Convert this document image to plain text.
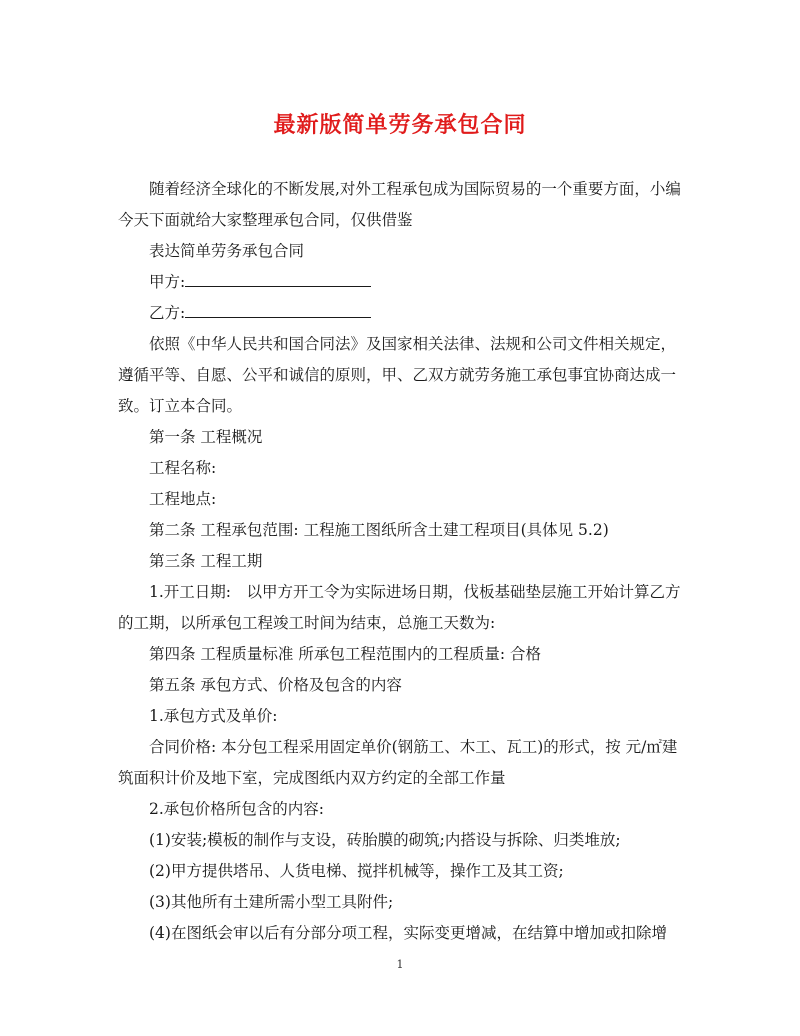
最新版简单劳务承包合同

随着经济全球化的不断发展,对外工程承包成为国际贸易的一个重要方面，小编今天下面就给大家整理承包合同，仅供借鉴

表达简单劳务承包合同

甲方:

乙方:

依照《中华人民共和国合同法》及国家相关法律、法规和公司文件相关规定，遵循平等、自愿、公平和诚信的原则，甲、乙双方就劳务施工承包事宜协商达成一致。订立本合同。

第一条 工程概况

工程名称:

工程地点:

第二条 工程承包范围: 工程施工图纸所含土建工程项目(具体见 5.2)

第三条 工程工期

1.开工日期:　以甲方开工令为实际进场日期，伐板基础垫层施工开始计算乙方的工期，以所承包工程竣工时间为结束，总施工天数为:

第四条 工程质量标准 所承包工程范围内的工程质量: 合格

第五条 承包方式、价格及包含的内容

1.承包方式及单价:

合同价格: 本分包工程采用固定单价(钢筋工、木工、瓦工)的形式，按 元/㎡建筑面积计价及地下室，完成图纸内双方约定的全部工作量

2.承包价格所包含的内容:

(1)安装;模板的制作与支设，砖胎膜的砌筑;内搭设与拆除、归类堆放;

(2)甲方提供塔吊、人货电梯、搅拌机械等，操作工及其工资;

(3)其他所有土建所需小型工具附件;

(4)在图纸会审以后有分部分项工程，实际变更增减，在结算中增加或扣除增

1
